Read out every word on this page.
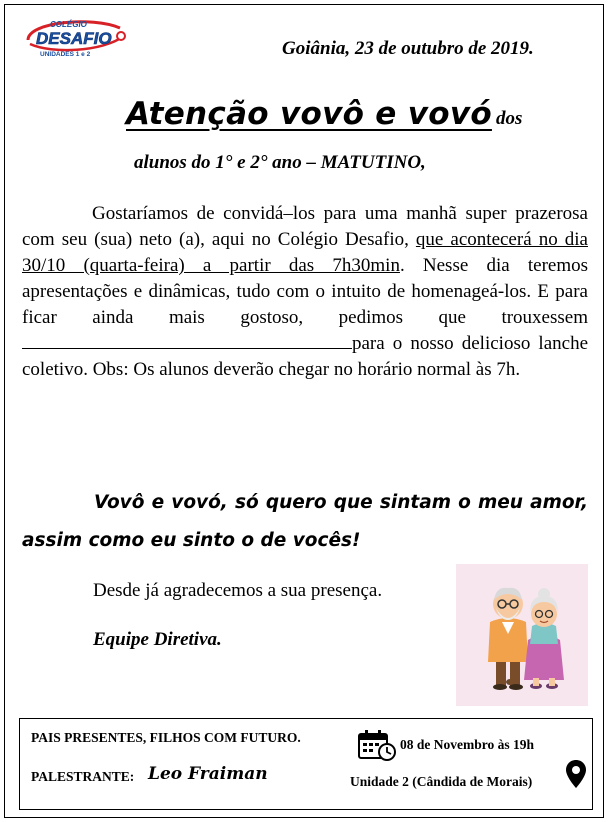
COLÉGIO
DESAFIO
UNIDADES 1 e 2	Goiânia, 23 de outubro de 2019.
Atenção vovô e vovó dos
alunos do 1° e 2° ano – MATUTINO,

Gostaríamos de convidá–los para uma manhã super prazerosa com seu (sua) neto (a), aqui no Colégio Desafio, que acontecerá no dia 30/10 (quarta-feira) a partir das 7h30min. Nesse dia teremos apresentações e dinâmicas, tudo com o intuito de homenageá-los. E para ficar ainda mais gostoso, pedimos que trouxessem para o nosso delicioso lanche coletivo. Obs: Os alunos deverão chegar no horário normal às 7h.

Vovô e vovó, só quero que sintam o meu amor, assim como eu sinto o de vocês!

Desde já agradecemos a sua presença.
Equipe Diretiva.
PAIS PRESENTES, FILHOS COM FUTURO.
PALESTRANTE: Leo Fraiman
08 de Novembro às 19h
Unidade 2 (Cândida de Morais)
